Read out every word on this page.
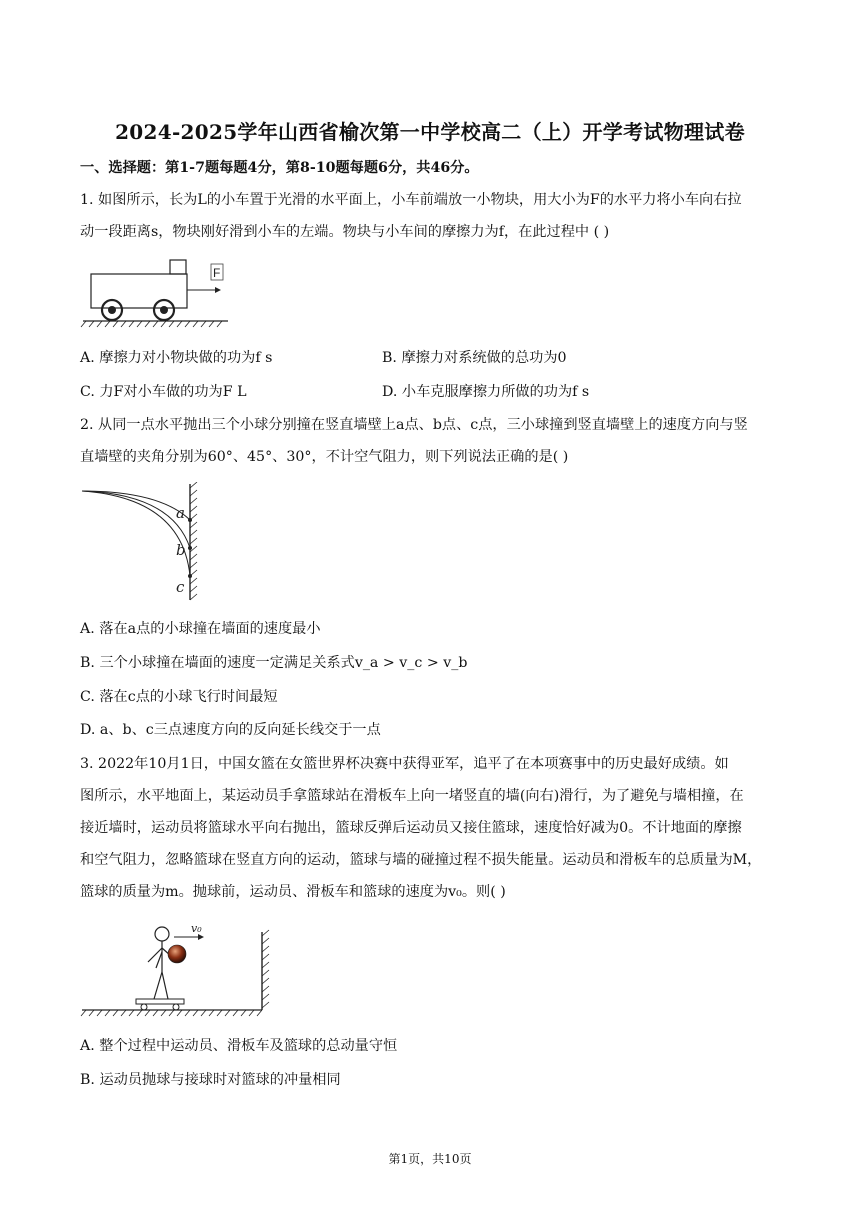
2024-2025学年山西省榆次第一中学校高二（上）开学考试物理试卷
一、选择题：第1-7题每题4分，第8-10题每题6分，共46分。
1. 如图所示，长为L的小车置于光滑的水平面上，小车前端放一小物块，用大小为F的水平力将小车向右拉
动一段距离s，物块刚好滑到小车的左端。物块与小车间的摩擦力为f，在此过程中 ( )
F
A. 摩擦力对小物块做的功为f s	B. 摩擦力对系统做的总功为0
C. 力F对小车做的功为F L	D. 小车克服摩擦力所做的功为f s
2. 从同一点水平抛出三个小球分别撞在竖直墙壁上a点、b点、c点，三小球撞到竖直墙壁上的速度方向与竖
直墙壁的夹角分别为60°、45°、30°，不计空气阻力，则下列说法正确的是( )
a
b
c
A. 落在a点的小球撞在墙面的速度最小
B. 三个小球撞在墙面的速度一定满足关系式v_a > v_c > v_b
C. 落在c点的小球飞行时间最短
D. a、b、c三点速度方向的反向延长线交于一点
3. 2022年10月1日，中国女篮在女篮世界杯决赛中获得亚军，追平了在本项赛事中的历史最好成绩。如
图所示，水平地面上，某运动员手拿篮球站在滑板车上向一堵竖直的墙(向右)滑行，为了避免与墙相撞，在
接近墙时，运动员将篮球水平向右抛出，篮球反弹后运动员又接住篮球，速度恰好减为0。不计地面的摩擦
和空气阻力，忽略篮球在竖直方向的运动，篮球与墙的碰撞过程不损失能量。运动员和滑板车的总质量为M，
篮球的质量为m。抛球前，运动员、滑板车和篮球的速度为v₀。则( )
v₀
A. 整个过程中运动员、滑板车及篮球的总动量守恒
B. 运动员抛球与接球时对篮球的冲量相同
第1页，共10页
